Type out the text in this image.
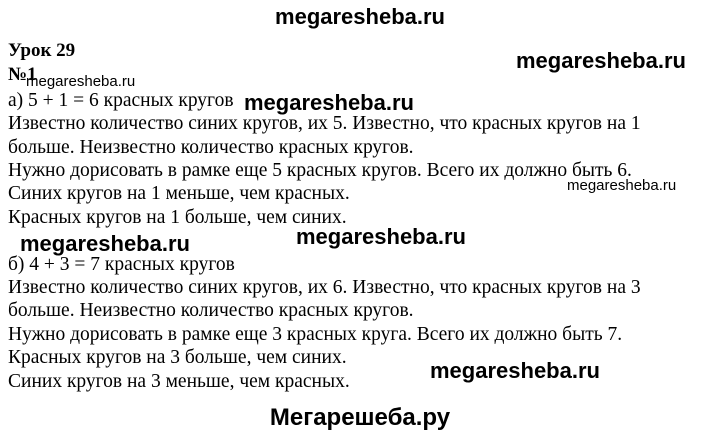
megaresheba.ru
Урок 29	megaresheba.ru
№1
megaresheba.ru
а) 5 + 1 = 6 красных кругов megaresheba.ru
Известно количество синих кругов, их 5. Известно, что красных кругов на 1
больше. Неизвестно количество красных кругов.
Нужно дорисовать в рамке еще 5 красных кругов. Всего их должно быть 6.
megaresheba.ru
Синих кругов на 1 меньше, чем красных.
Красных кругов на 1 больше, чем синих.
megaresheba.ru	megaresheba.ru
б) 4 + 3 = 7 красных кругов
Известно количество синих кругов, их 6. Известно, что красных кругов на 3
больше. Неизвестно количество красных кругов.
Нужно дорисовать в рамке еще 3 красных круга. Всего их должно быть 7.
Красных кругов на 3 больше, чем синих.
megaresheba.ru
Синих кругов на 3 меньше, чем красных.
Мегарешеба.ру
